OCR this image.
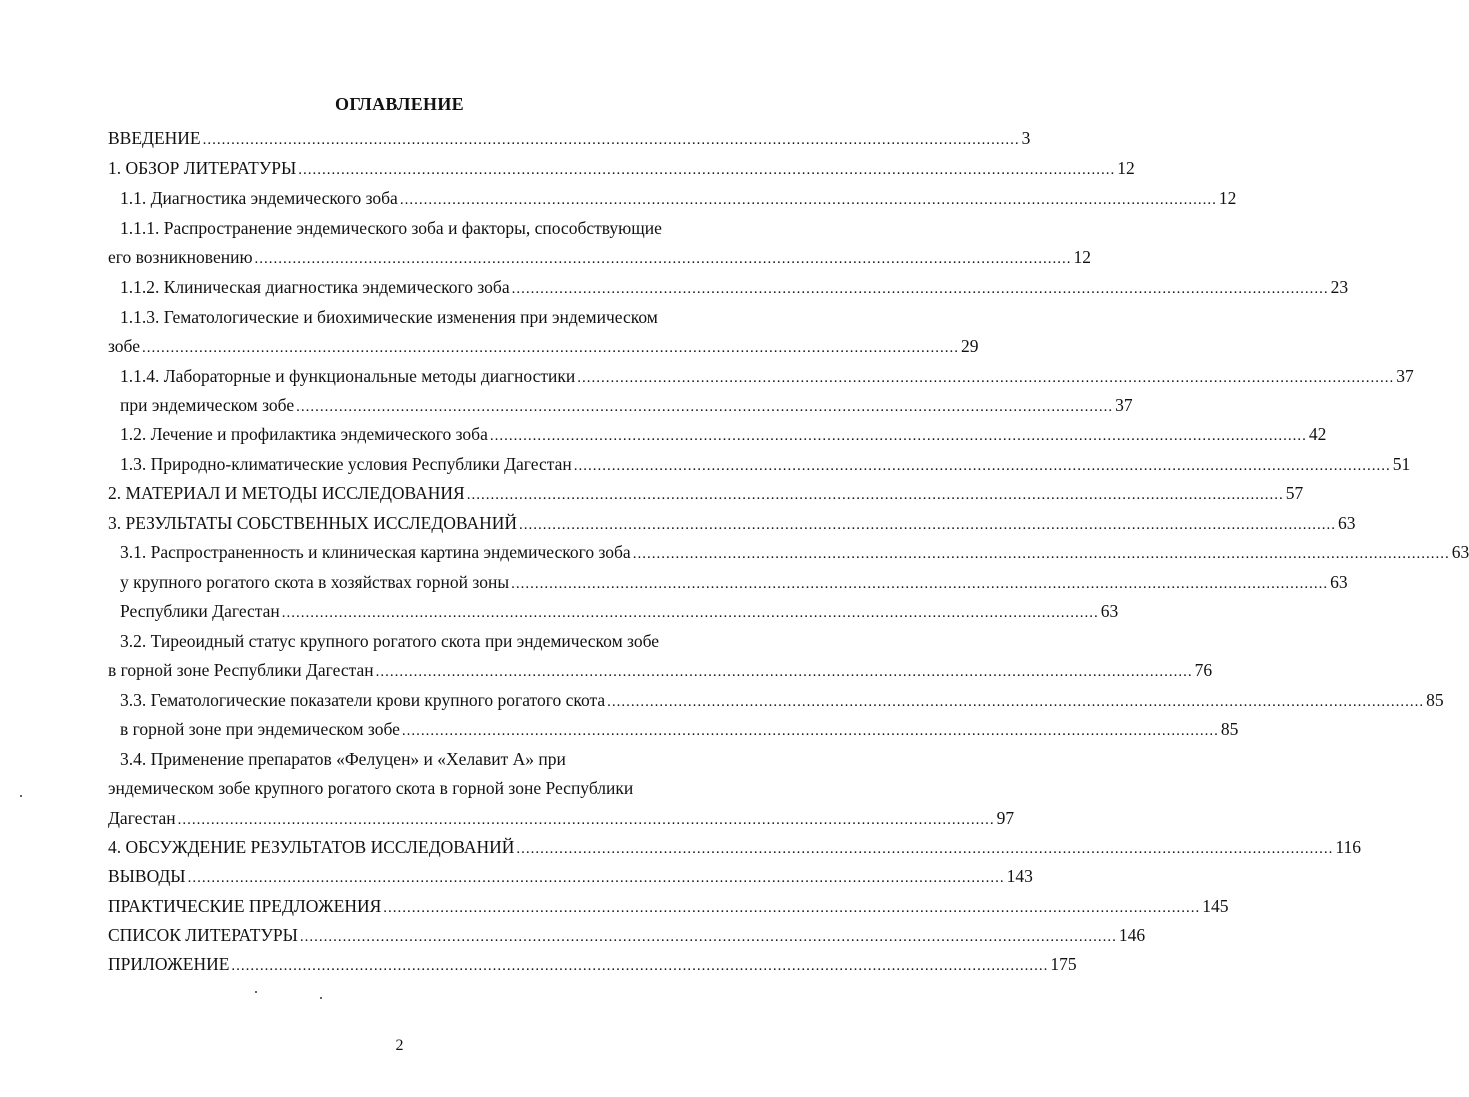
ОГЛАВЛЕНИЕ
ВВЕДЕНИЕ ............................................................................................................................................................................ 3
1. ОБЗОР ЛИТЕРАТУРЫ ............................................................................................................................................................................ 12
1.1. Диагностика эндемического зоба ............................................................................................................................................................................ 12
1.1.1. Распространение эндемического зоба и факторы, способствующие
его возникновению ............................................................................................................................................................................ 12
1.1.2. Клиническая диагностика эндемического зоба ............................................................................................................................................................................ 23
1.1.3. Гематологические и биохимические изменения при эндемическом
зобе ............................................................................................................................................................................ 29
1.1.4. Лабораторные и функциональные методы диагностики ............................................................................................................................................................................ 37
при эндемическом зобе ............................................................................................................................................................................ 37
1.2. Лечение и профилактика эндемического зоба ............................................................................................................................................................................ 42
1.3. Природно-климатические условия Республики Дагестан ............................................................................................................................................................................ 51
2. МАТЕРИАЛ И МЕТОДЫ ИССЛЕДОВАНИЯ ............................................................................................................................................................................ 57
3. РЕЗУЛЬТАТЫ СОБСТВЕННЫХ ИССЛЕДОВАНИЙ ............................................................................................................................................................................ 63
3.1. Распространенность и клиническая картина эндемического зоба ............................................................................................................................................................................ 63
у крупного рогатого скота в хозяйствах горной зоны ............................................................................................................................................................................ 63
Республики Дагестан ............................................................................................................................................................................ 63
3.2. Тиреоидный статус крупного рогатого скота при эндемическом зобе
в горной зоне Республики Дагестан ............................................................................................................................................................................ 76
3.3. Гематологические показатели крови крупного рогатого скота ............................................................................................................................................................................ 85
в горной зоне при эндемическом зобе ............................................................................................................................................................................ 85
3.4. Применение препаратов «Фелуцен» и «Хелавит А» при
эндемическом зобе крупного рогатого скота в горной зоне Республики
Дагестан ............................................................................................................................................................................ 97
4. ОБСУЖДЕНИЕ РЕЗУЛЬТАТОВ ИССЛЕДОВАНИЙ ............................................................................................................................................................................ 116
ВЫВОДЫ ............................................................................................................................................................................ 143
ПРАКТИЧЕСКИЕ ПРЕДЛОЖЕНИЯ ............................................................................................................................................................................ 145
СПИСОК ЛИТЕРАТУРЫ ............................................................................................................................................................................ 146
ПРИЛОЖЕНИЕ ............................................................................................................................................................................ 175
2
